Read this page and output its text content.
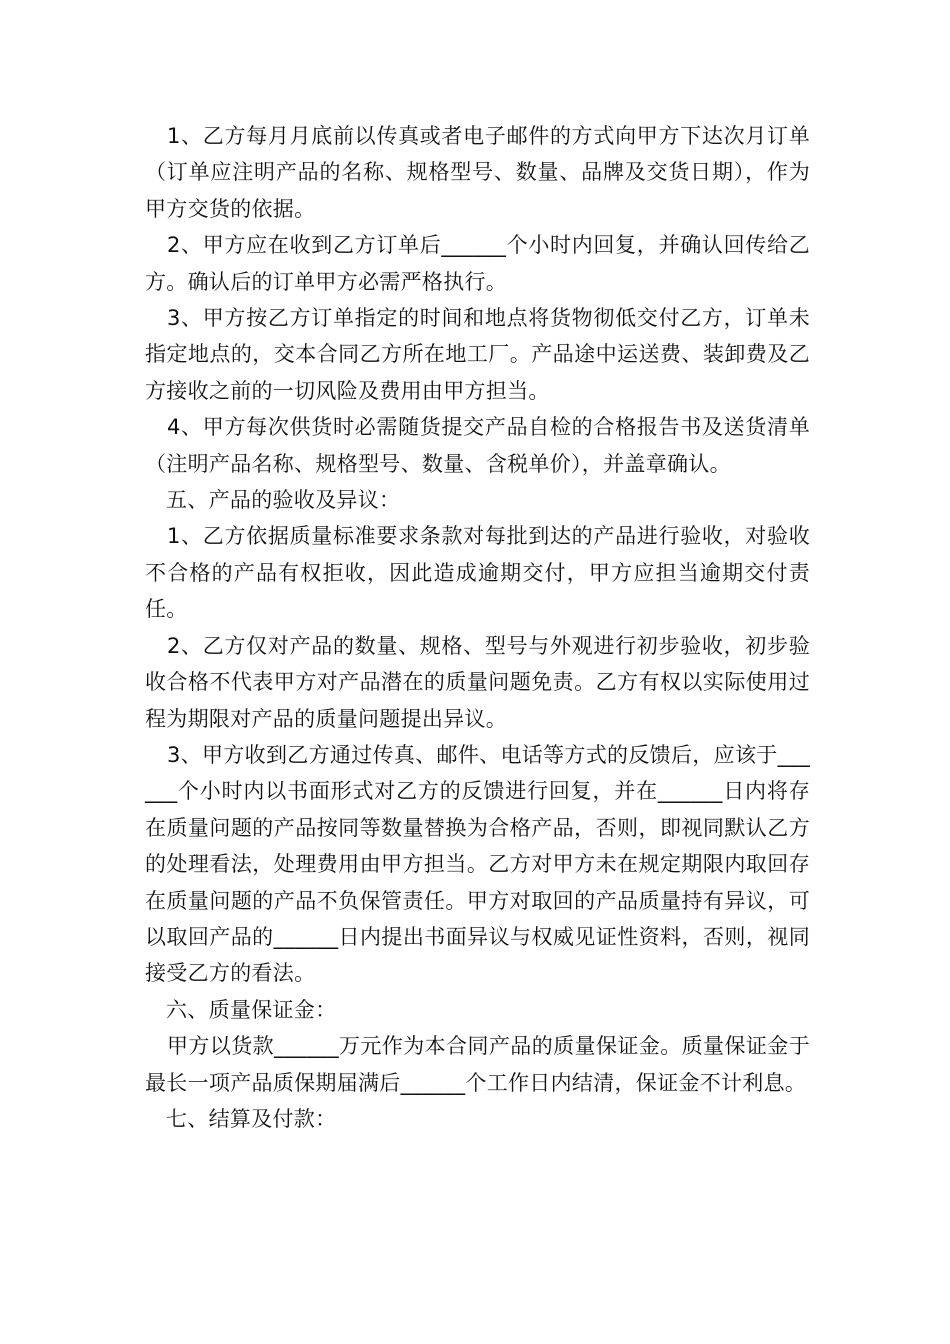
1、乙方每月月底前以传真或者电子邮件的方式向甲方下达次月订单（订单应注明产品的名称、规格型号、数量、品牌及交货日期），作为甲方交货的依据。

2、甲方应在收到乙方订单后______个小时内回复，并确认回传给乙方。确认后的订单甲方必需严格执行。

3、甲方按乙方订单指定的时间和地点将货物彻低交付乙方，订单未指定地点的，交本合同乙方所在地工厂。产品途中运送费、装卸费及乙方接收之前的一切风险及费用由甲方担当。

4、甲方每次供货时必需随货提交产品自检的合格报告书及送货清单（注明产品名称、规格型号、数量、含税单价），并盖章确认。

五、产品的验收及异议：

1、乙方依据质量标准要求条款对每批到达的产品进行验收，对验收不合格的产品有权拒收，因此造成逾期交付，甲方应担当逾期交付责任。

2、乙方仅对产品的数量、规格、型号与外观进行初步验收，初步验收合格不代表甲方对产品潜在的质量问题免责。乙方有权以实际使用过程为期限对产品的质量问题提出异议。

3、甲方收到乙方通过传真、邮件、电话等方式的反馈后，应该于______个小时内以书面形式对乙方的反馈进行回复，并在______日内将存在质量问题的产品按同等数量替换为合格产品，否则，即视同默认乙方的处理看法，处理费用由甲方担当。乙方对甲方未在规定期限内取回存在质量问题的产品不负保管责任。甲方对取回的产品质量持有异议，可以取回产品的______日内提出书面异议与权威见证性资料，否则，视同接受乙方的看法。

六、质量保证金：

甲方以货款______万元作为本合同产品的质量保证金。质量保证金于最长一项产品质保期届满后______个工作日内结清，保证金不计利息。

七、结算及付款：
